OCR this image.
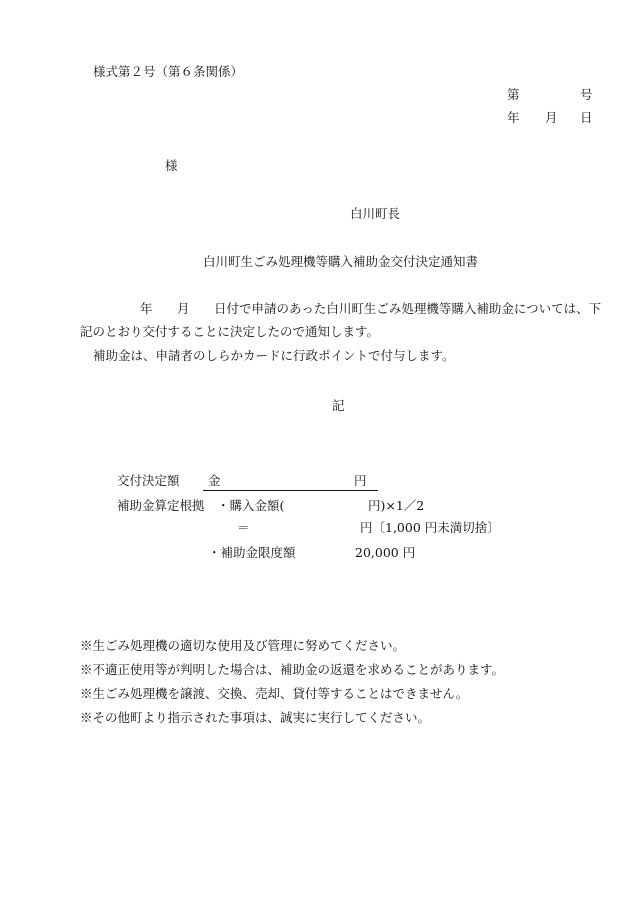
様式第２号（第６条関係）
第	号
年 月 日
様
白川町長
白川町生ごみ処理機等購入補助金交付決定通知書
年 月 日付で申請のあった白川町生ごみ処理機等購入補助金については、下
記のとおり交付することに決定したので通知します。
補助金は、申請者のしらかカードに行政ポイントで付与します。
記
交付決定額 金	円

補助金算定根拠 ・購入金額(	円)×1／2
＝	円〔1,000 円未満切捨〕
・補助金限度額	20,000 円
※生ごみ処理機の適切な使用及び管理に努めてください。
※不適正使用等が判明した場合は、補助金の返還を求めることがあります。
※生ごみ処理機を譲渡、交換、売却、貸付等することはできません。
※その他町より指示された事項は、誠実に実行してください。
